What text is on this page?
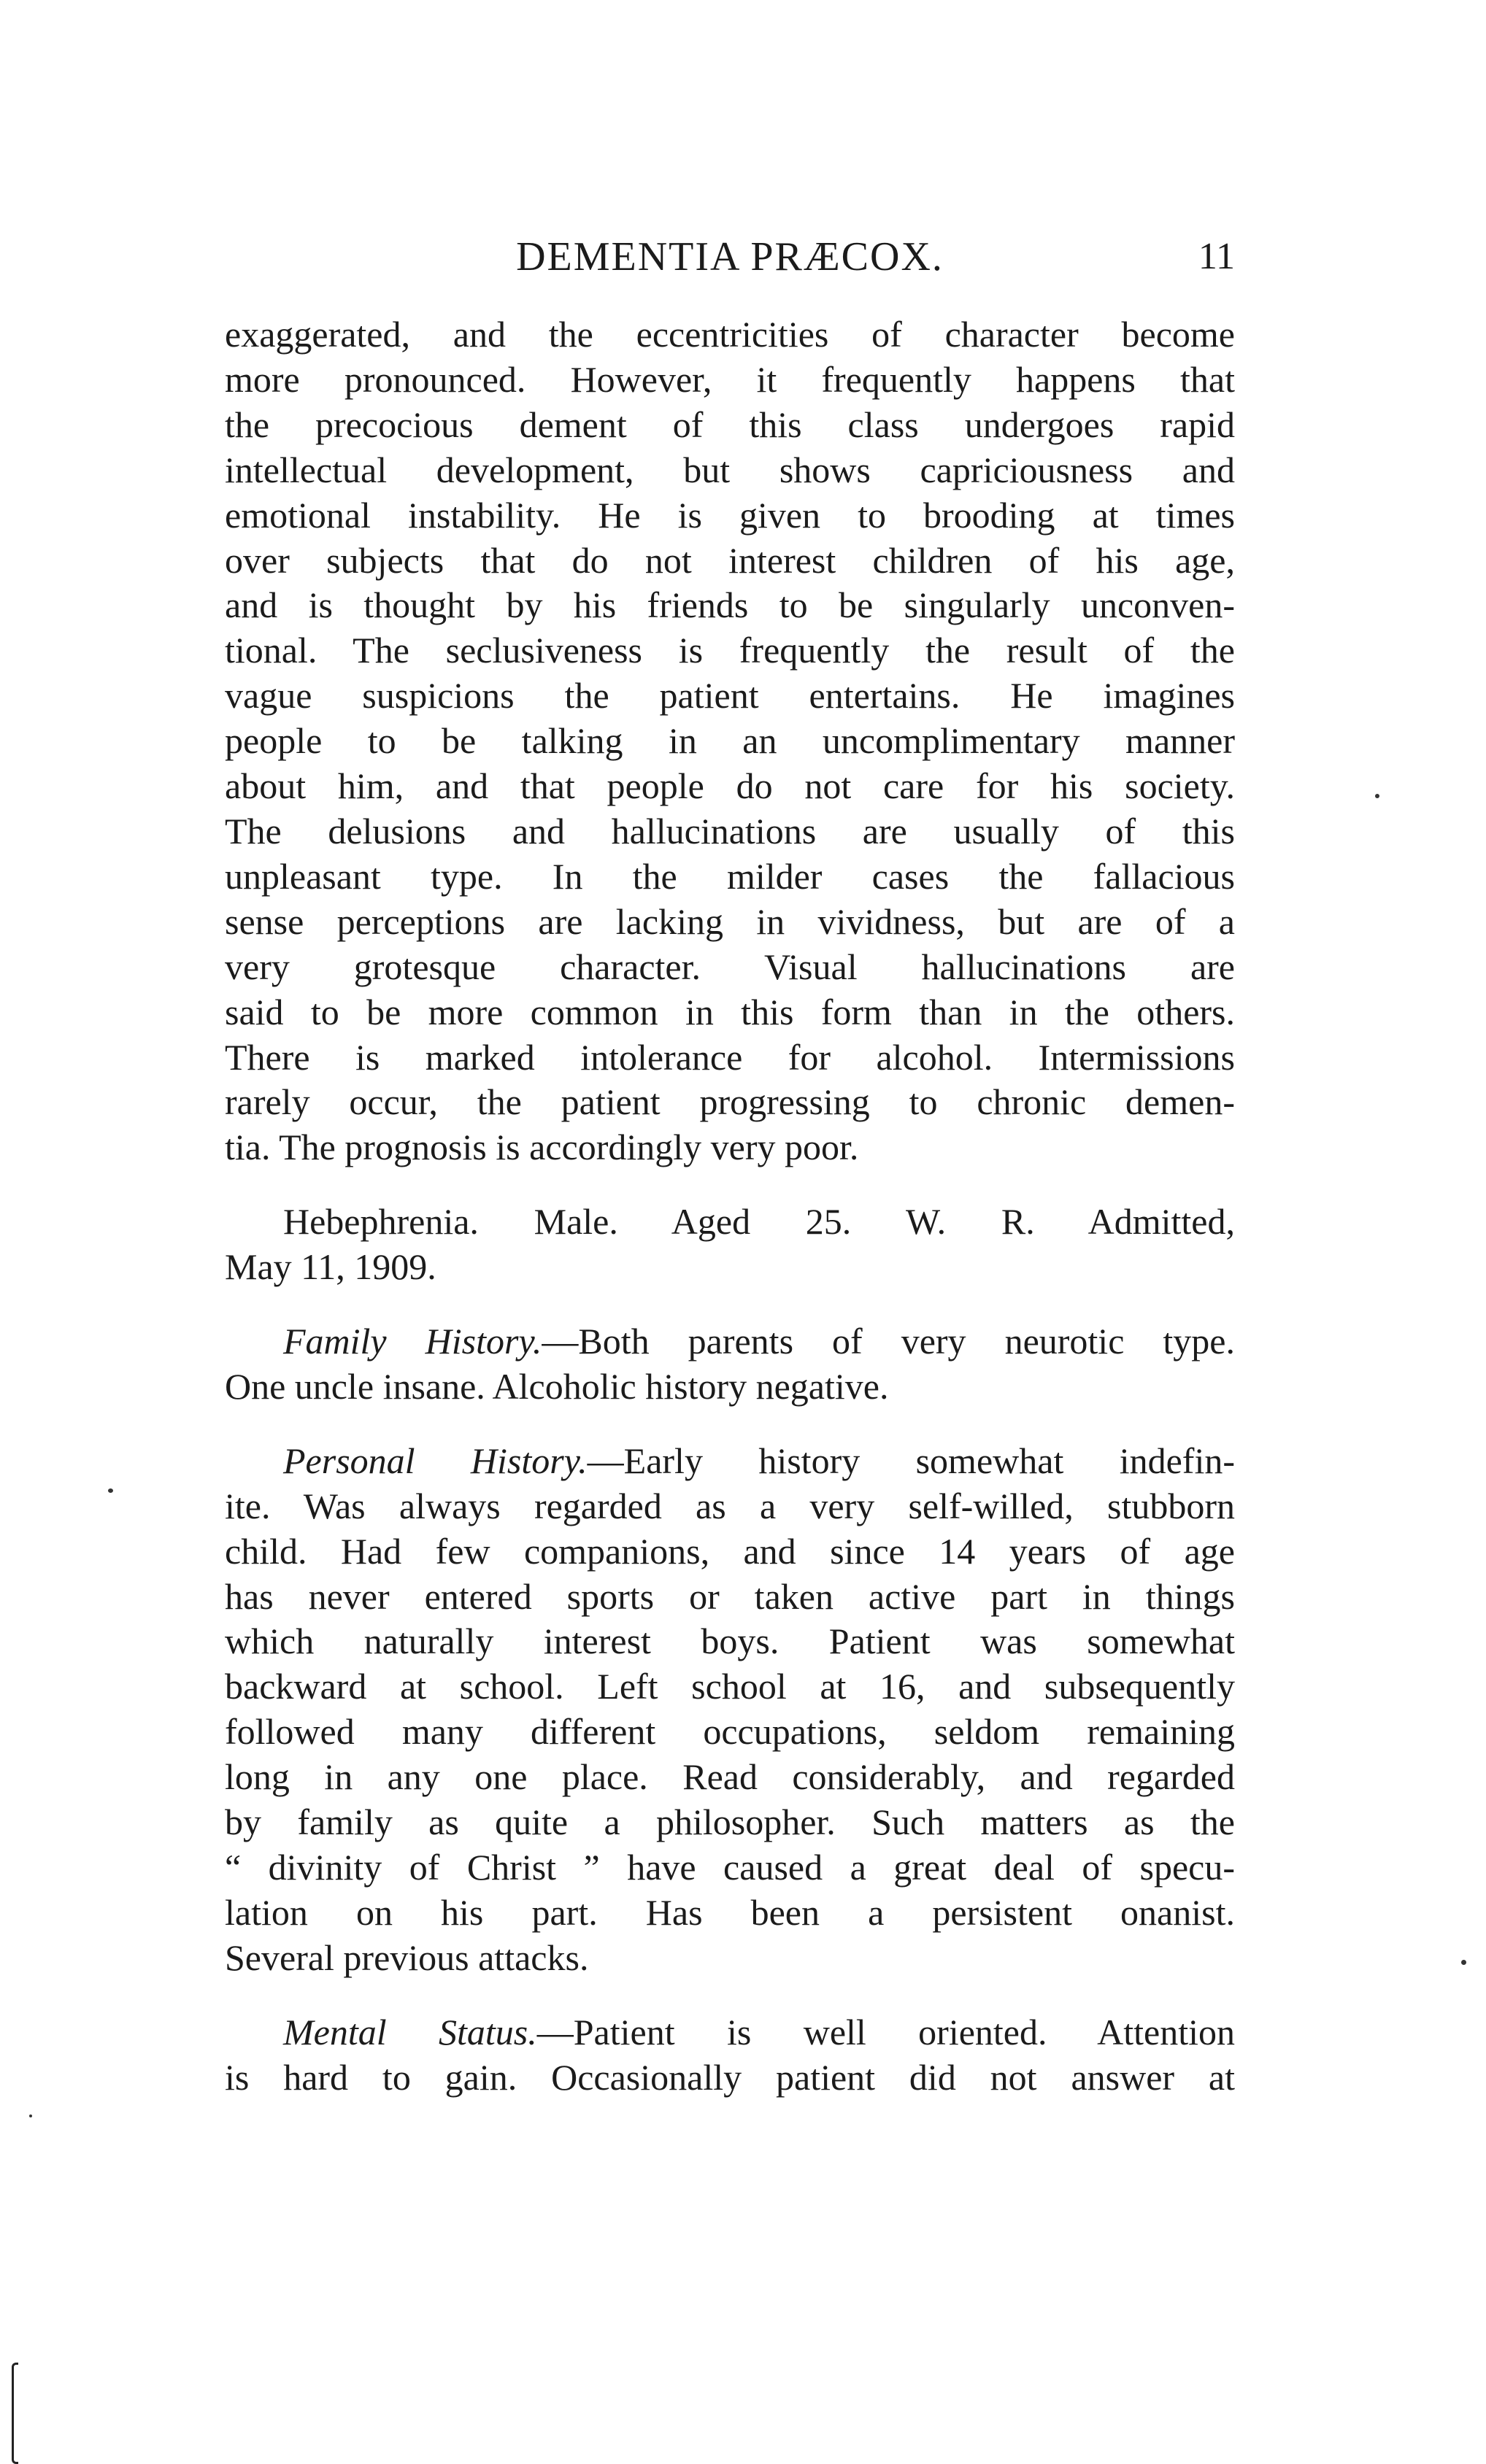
DEMENTIA PRÆCOX.	11

exaggerated, and the eccentricities of character become
more pronounced. However, it frequently happens that
the precocious dement of this class undergoes rapid
intellectual development, but shows capriciousness and
emotional instability. He is given to brooding at times
over subjects that do not interest children of his age,
and is thought by his friends to be singularly unconven-
tional. The seclusiveness is frequently the result of the
vague suspicions the patient entertains. He imagines
people to be talking in an uncomplimentary manner
about him, and that people do not care for his society.
The delusions and hallucinations are usually of this
unpleasant type. In the milder cases the fallacious
sense perceptions are lacking in vividness, but are of a
very grotesque character. Visual hallucinations are
said to be more common in this form than in the others.
There is marked intolerance for alcohol. Intermissions
rarely occur, the patient progressing to chronic demen-
tia. The prognosis is accordingly very poor.

Hebephrenia. Male. Aged 25. W. R. Admitted,
May 11, 1909.

Family History.—Both parents of very neurotic type.
One uncle insane. Alcoholic history negative.

Personal History.—Early history somewhat indefin-
ite. Was always regarded as a very self-willed, stubborn
child. Had few companions, and since 14 years of age
has never entered sports or taken active part in things
which naturally interest boys. Patient was somewhat
backward at school. Left school at 16, and subsequently
followed many different occupations, seldom remaining
long in any one place. Read considerably, and regarded
by family as quite a philosopher. Such matters as the
“ divinity of Christ ” have caused a great deal of specu-
lation on his part. Has been a persistent onanist.
Several previous attacks.

Mental Status.—Patient is well oriented. Attention
is hard to gain. Occasionally patient did not answer at
